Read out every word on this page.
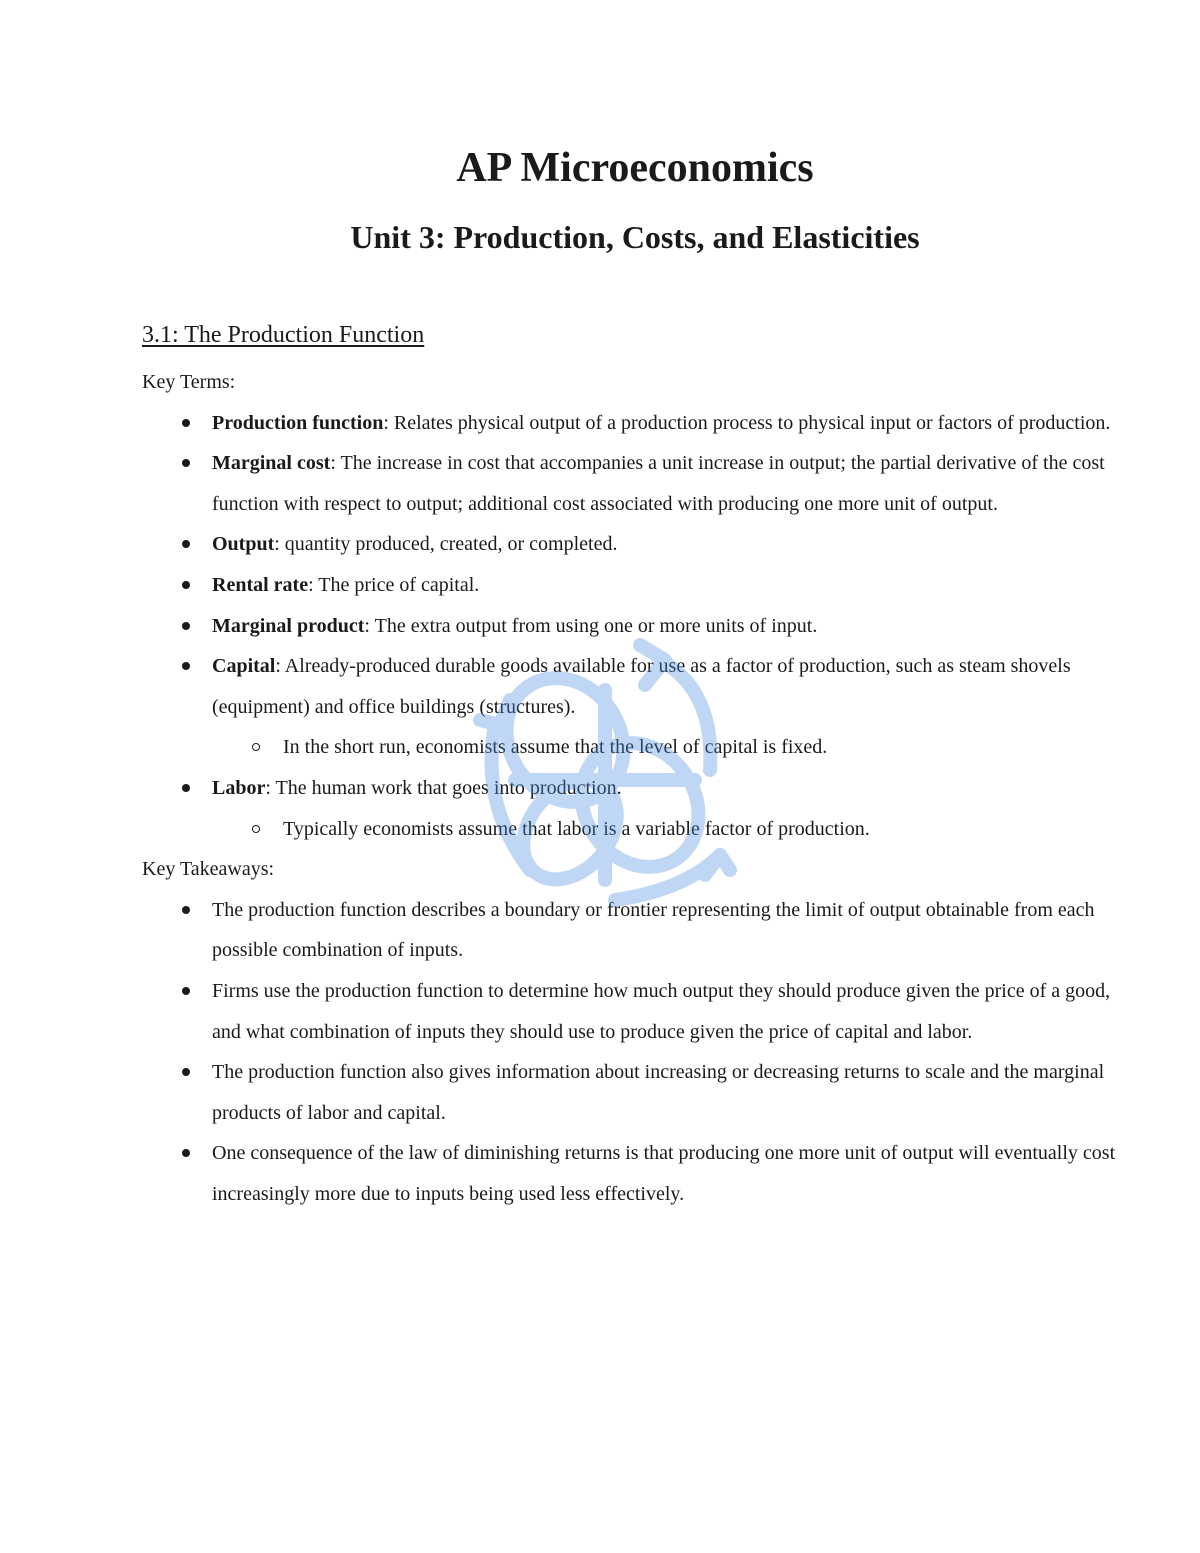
AP Microeconomics
Unit 3: Production, Costs, and Elasticities
3.1: The Production Function

Key Terms:

Production function: Relates physical output of a production process to physical input or factors of production.
Marginal cost: The increase in cost that accompanies a unit increase in output; the partial derivative of the cost function with respect to output; additional cost associated with producing one more unit of output.
Output: quantity produced, created, or completed.
Rental rate: The price of capital.
Marginal product: The extra output from using one or more units of input.
Capital: Already-produced durable goods available for use as a factor of production, such as steam shovels (equipment) and office buildings (structures).
In the short run, economists assume that the level of capital is fixed.
Labor: The human work that goes into production.
Typically economists assume that labor is a variable factor of production.

Key Takeaways:

The production function describes a boundary or frontier representing the limit of output obtainable from each possible combination of inputs.
Firms use the production function to determine how much output they should produce given the price of a good, and what combination of inputs they should use to produce given the price of capital and labor.
The production function also gives information about increasing or decreasing returns to scale and the marginal products of labor and capital.
One consequence of the law of diminishing returns is that producing one more unit of output will eventually cost increasingly more due to inputs being used less effectively.
